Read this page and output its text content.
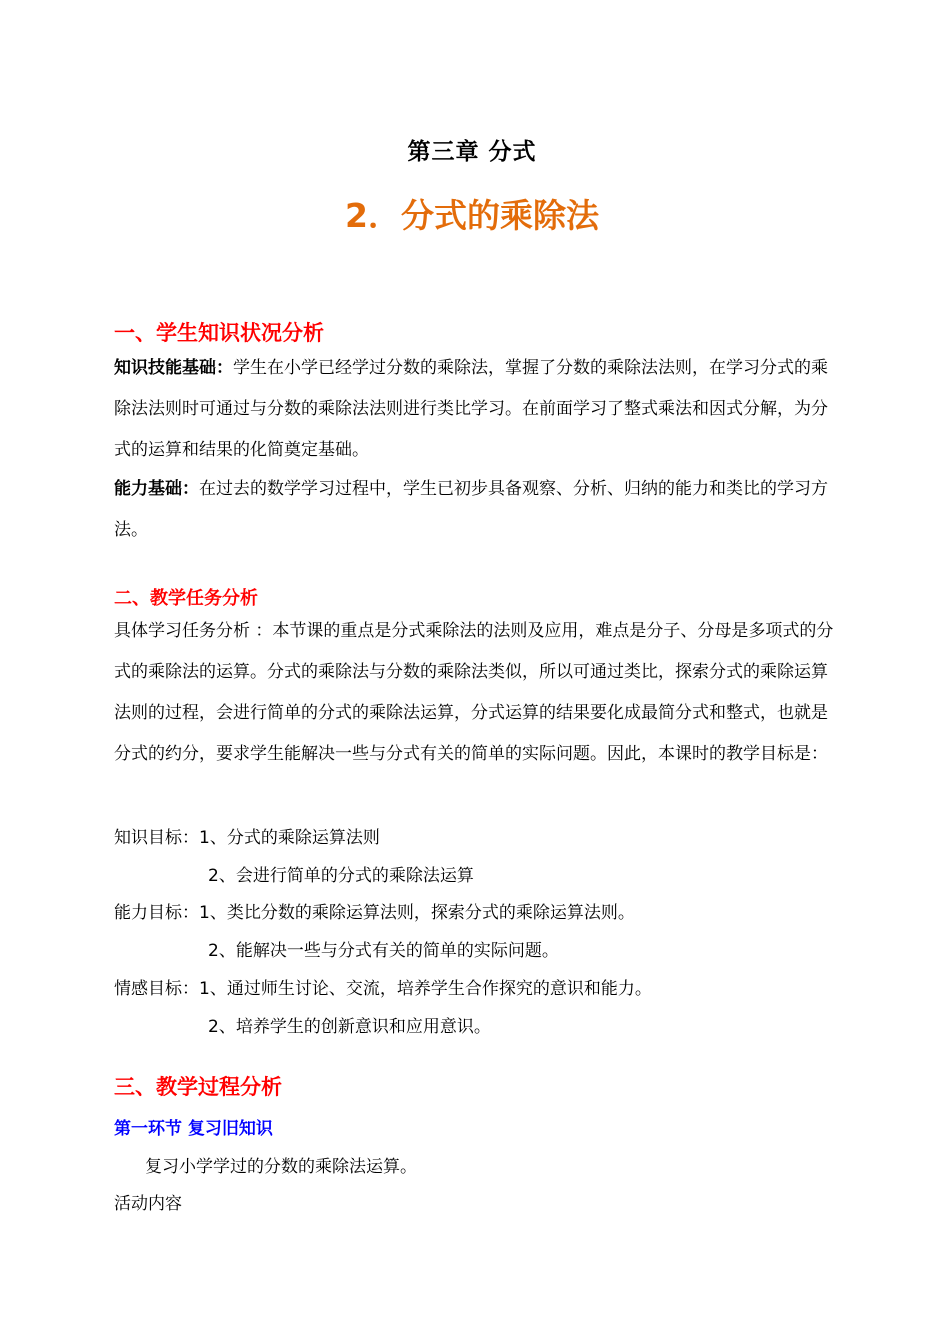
第三章 分式
2．分式的乘除法
一、学生知识状况分析
知识技能基础：学生在小学已经学过分数的乘除法，掌握了分数的乘除法法则，在学习分式的乘除法法则时可通过与分数的乘除法法则进行类比学习。在前面学习了整式乘法和因式分解，为分式的运算和结果的化简奠定基础。
能力基础：在过去的数学学习过程中，学生已初步具备观察、分析、归纳的能力和类比的学习方法。
二、教学任务分析
具体学习任务分析 ：本节课的重点是分式乘除法的法则及应用，难点是分子、分母是多项式的分式的乘除法的运算。分式的乘除法与分数的乘除法类似，所以可通过类比，探索分式的乘除运算法则的过程，会进行简单的分式的乘除法运算，分式运算的结果要化成最简分式和整式，也就是分式的约分，要求学生能解决一些与分式有关的简单的实际问题。因此，本课时的教学目标是：
知识目标：1、分式的乘除运算法则
2、会进行简单的分式的乘除法运算
能力目标：1、类比分数的乘除运算法则，探索分式的乘除运算法则。
2、能解决一些与分式有关的简单的实际问题。
情感目标：1、通过师生讨论、交流，培养学生合作探究的意识和能力。
2、培养学生的创新意识和应用意识。
三、教学过程分析
第一环节 复习旧知识
复习小学学过的分数的乘除法运算。
活动内容
